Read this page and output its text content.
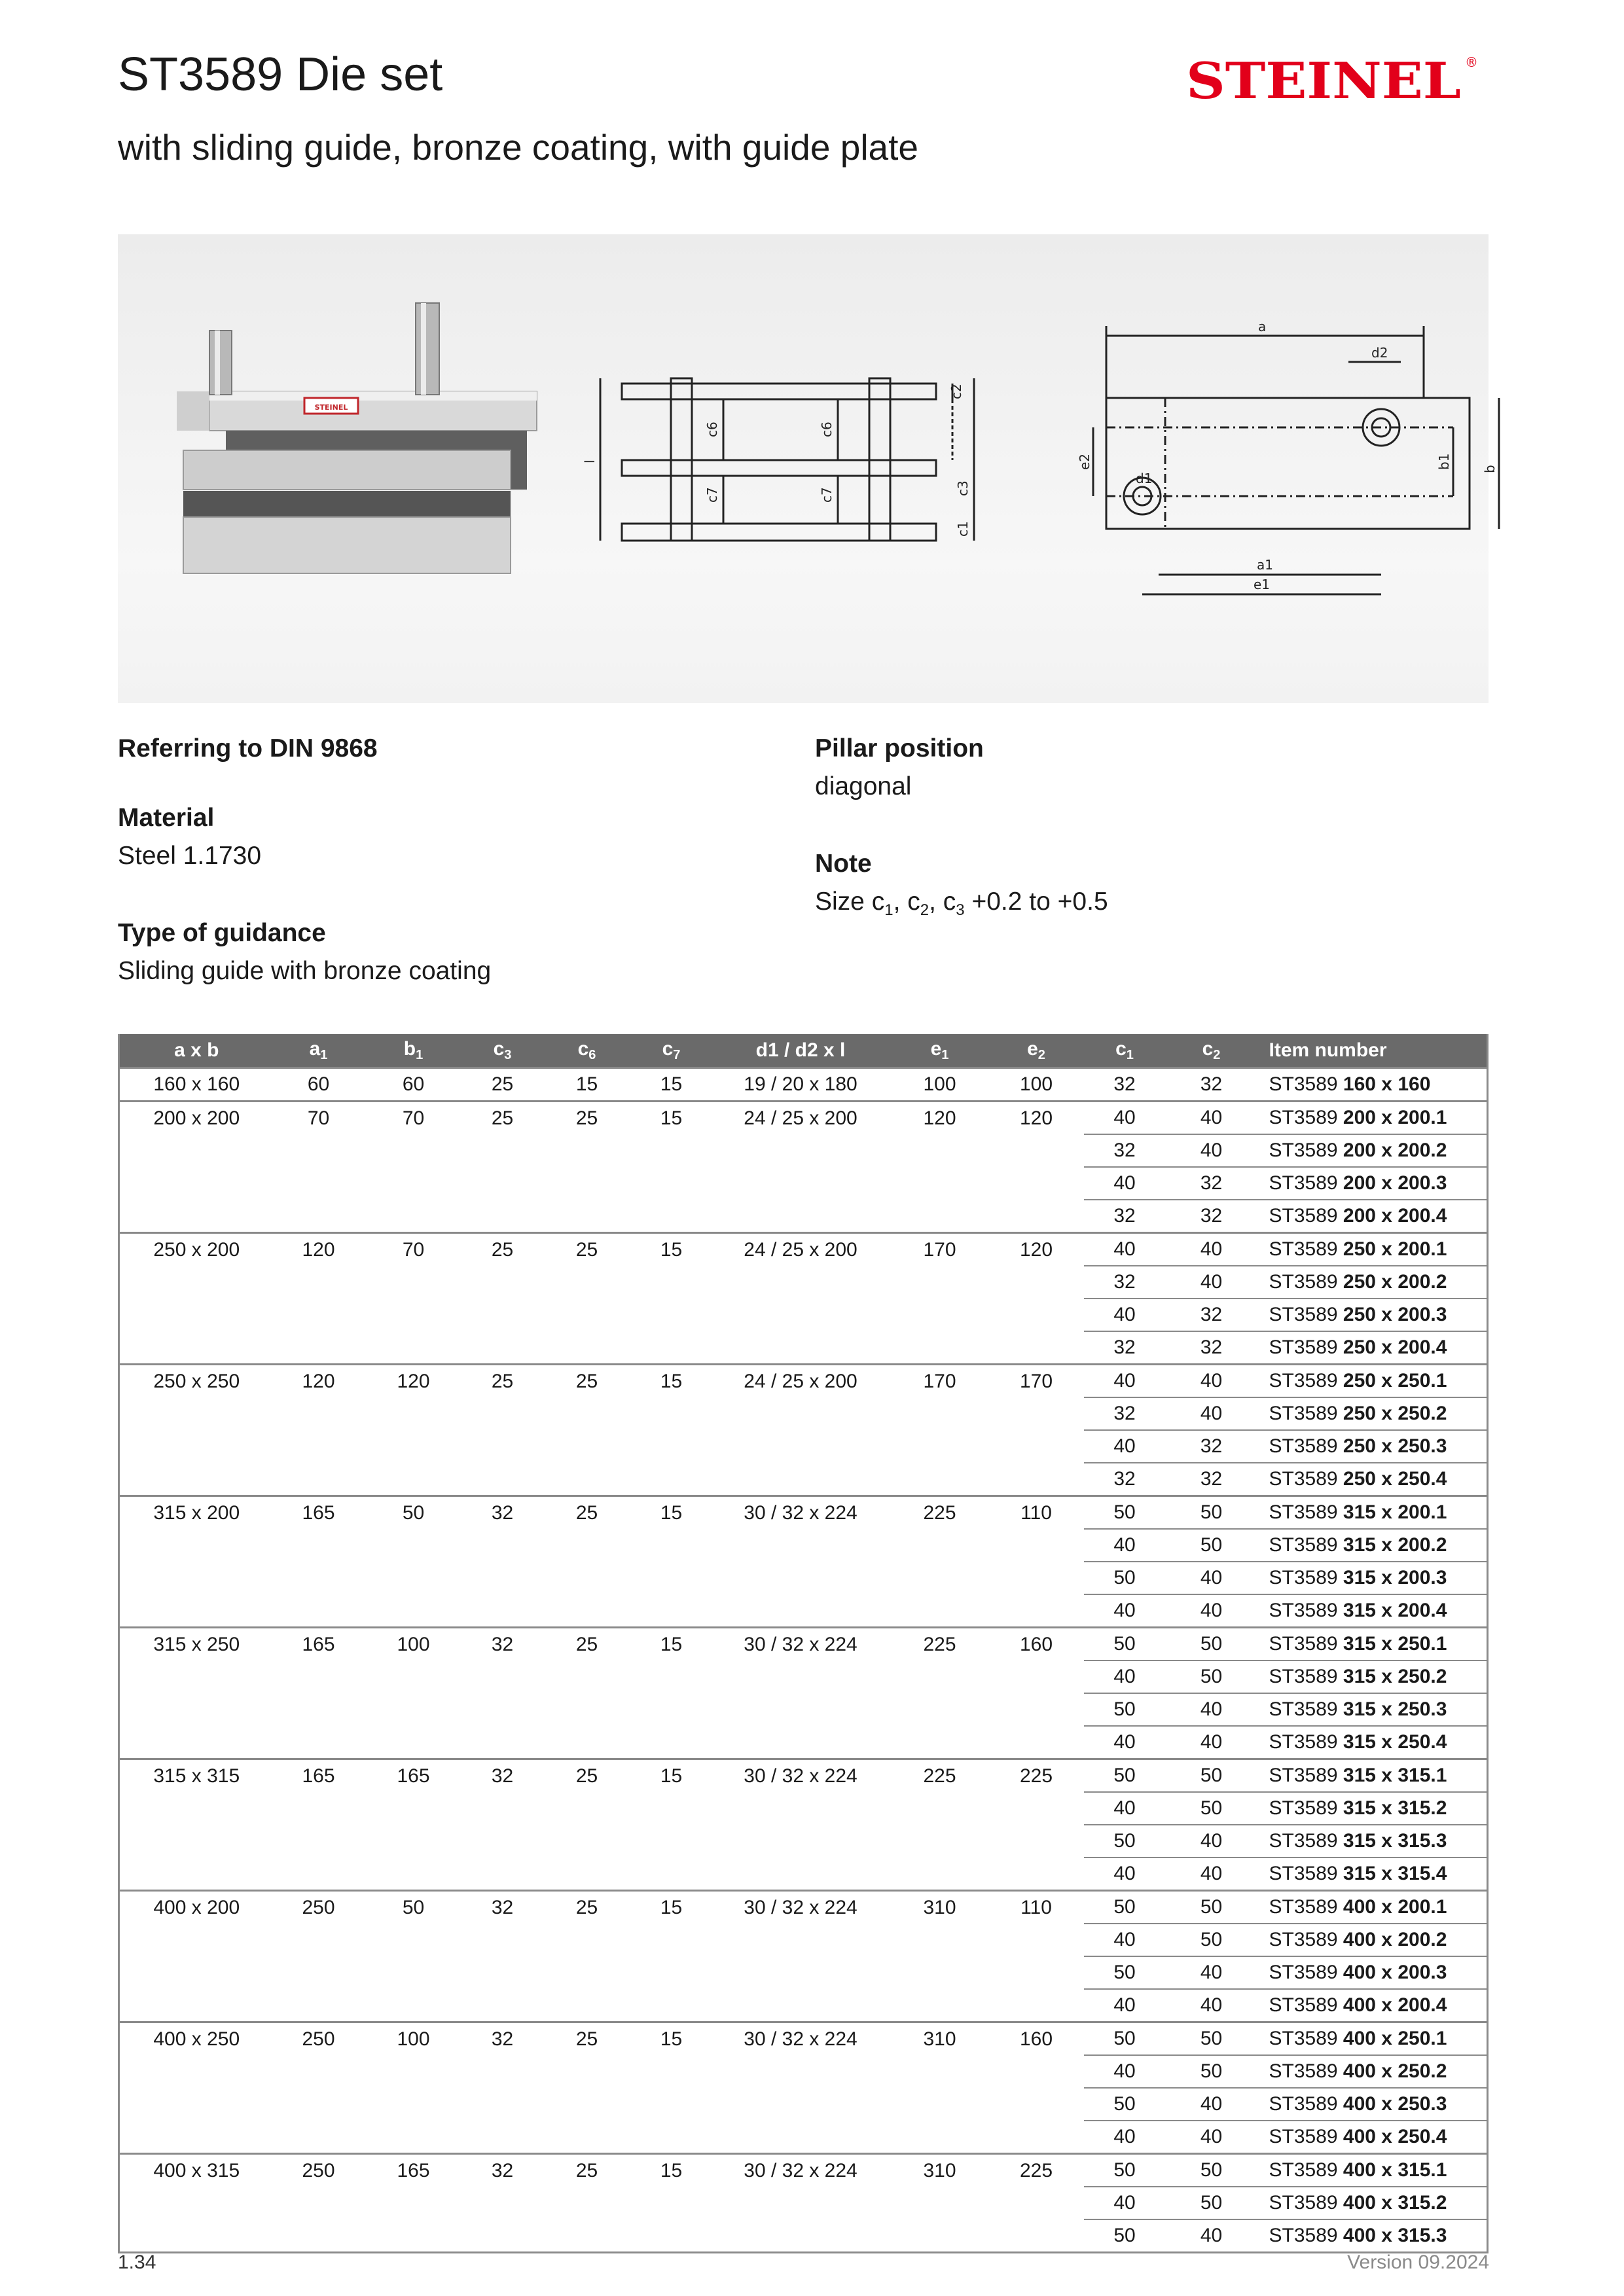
ST3589 Die set
with sliding guide, bronze coating, with guide plate
STEINEL ®
STEINEL
c2
c6	c6
l
c3
c7	c7
c1
a
d2
e2
d1
b1 b
a1
e1

Referring to DIN 9868

Material

Steel 1.1730

Type of guidance

Sliding guide with bronze coating

Pillar position

diagonal

Note

Size $c_1$, $c_2$, $c_3 +0.2$ to +0.5

a x b	$a_1$	$b_1$	$c_3$	$c_6$	$c_7$	d1 / d2 x l	$e_1$	$e_2$	$c_1$	$c_2$	Item number
160 x 160	60	60	25	15	15	19 / 20 x 180	100	100	32	32	ST3589 160 x 160
200 x 200	70	70	25	25	15	24 / 25 x 200	120	120	40	40	ST3589 200 x 200.1
									32	40	ST3589 200 x 200.2
									40	32	ST3589 200 x 200.3
									32	32	ST3589 200 x 200.4
250 x 200	120	70	25	25	15	24 / 25 x 200	170	120	40	40	ST3589 250 x 200.1
									32	40	ST3589 250 x 200.2
									40	32	ST3589 250 x 200.3
									32	32	ST3589 250 x 200.4
250 x 250	120	120	25	25	15	24 / 25 x 200	170	170	40	40	ST3589 250 x 250.1
									32	40	ST3589 250 x 250.2
									40	32	ST3589 250 x 250.3
									32	32	ST3589 250 x 250.4
315 x 200	165	50	32	25	15	30 / 32 x 224	225	110	50	50	ST3589 315 x 200.1
									40	50	ST3589 315 x 200.2
									50	40	ST3589 315 x 200.3
									40	40	ST3589 315 x 200.4
315 x 250	165	100	32	25	15	30 / 32 x 224	225	160	50	50	ST3589 315 x 250.1
									40	50	ST3589 315 x 250.2
									50	40	ST3589 315 x 250.3
									40	40	ST3589 315 x 250.4
315 x 315	165	165	32	25	15	30 / 32 x 224	225	225	50	50	ST3589 315 x 315.1
									40	50	ST3589 315 x 315.2
									50	40	ST3589 315 x 315.3
									40	40	ST3589 315 x 315.4
400 x 200	250	50	32	25	15	30 / 32 x 224	310	110	50	50	ST3589 400 x 200.1
									40	50	ST3589 400 x 200.2
									50	40	ST3589 400 x 200.3
									40	40	ST3589 400 x 200.4
400 x 250	250	100	32	25	15	30 / 32 x 224	310	160	50	50	ST3589 400 x 250.1
									40	50	ST3589 400 x 250.2
									50	40	ST3589 400 x 250.3
									40	40	ST3589 400 x 250.4
400 x 315	250	165	32	25	15	30 / 32 x 224	310	225	50	50	ST3589 400 x 315.1
									40	50	ST3589 400 x 315.2
									50	40	ST3589 400 x 315.3
1.34	Version 09.2024
